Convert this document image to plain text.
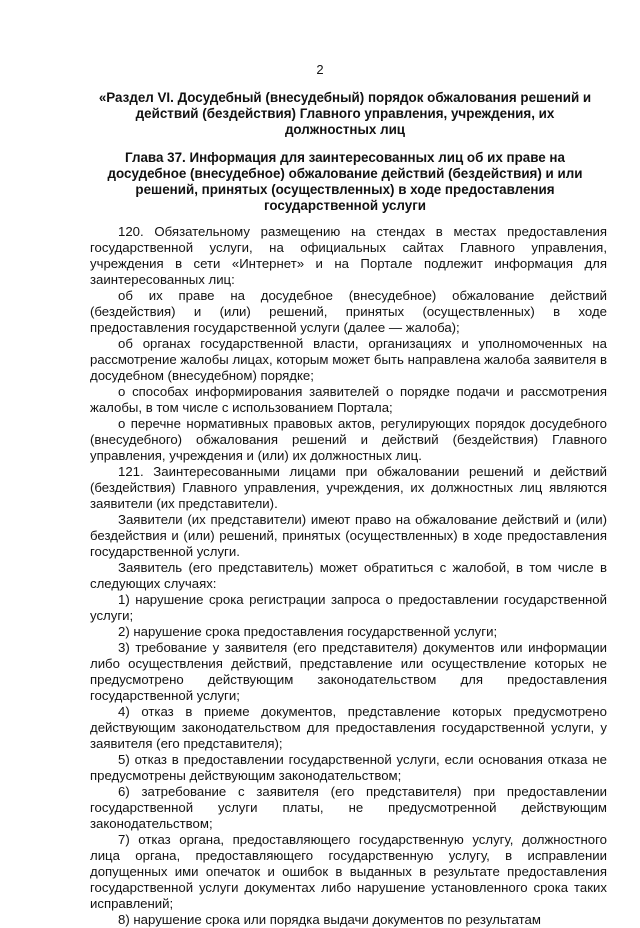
2
«Раздел VI. Досудебный (внесудебный) порядок обжалования решений и действий (бездействия) Главного управления, учреждения, их должностных лиц
Глава 37. Информация для заинтересованных лиц об их праве на досудебное (внесудебное) обжалование действий (бездействия) и или решений, принятых (осуществленных) в ходе предоставления государственной услуги

120. Обязательному размещению на стендах в местах предоставления государственной услуги, на официальных сайтах Главного управления, учреждения в сети «Интернет» и на Портале подлежит информация для заинтересованных лиц:

об их праве на досудебное (внесудебное) обжалование действий (бездействия) и (или) решений, принятых (осуществленных) в ходе предоставления государственной услуги (далее — жалоба);

об органах государственной власти, организациях и уполномоченных на рассмотрение жалобы лицах, которым может быть направлена жалоба заявителя в досудебном (внесудебном) порядке;

о способах информирования заявителей о порядке подачи и рассмотрения жалобы, в том числе с использованием Портала;

о перечне нормативных правовых актов, регулирующих порядок досудебного (внесудебного) обжалования решений и действий (бездействия) Главного управления, учреждения и (или) их должностных лиц.

121. Заинтересованными лицами при обжаловании решений и действий (бездействия) Главного управления, учреждения, их должностных лиц являются заявители (их представители).

Заявители (их представители) имеют право на обжалование действий и (или) бездействия и (или) решений, принятых (осуществленных) в ходе предоставления государственной услуги.

Заявитель (его представитель) может обратиться с жалобой, в том числе в следующих случаях:

1) нарушение срока регистрации запроса о предоставлении государственной услуги;

2) нарушение срока предоставления государственной услуги;

3) требование у заявителя (его представителя) документов или информации либо осуществления действий, представление или осуществление которых не предусмотрено действующим законодательством для предоставления государственной услуги;

4) отказ в приеме документов, представление которых предусмотрено действующим законодательством для предоставления государственной услуги, у заявителя (его представителя);

5) отказ в предоставлении государственной услуги, если основания отказа не предусмотрены действующим законодательством;

6) затребование с заявителя (его представителя) при предоставлении государственной услуги платы, не предусмотренной действующим законодательством;

7) отказ органа, предоставляющего государственную услугу, должностного лица органа, предоставляющего государственную услугу, в исправлении допущенных ими опечаток и ошибок в выданных в результате предоставления государственной услуги документах либо нарушение установленного срока таких исправлений;

8) нарушение срока или порядка выдачи документов по результатам
